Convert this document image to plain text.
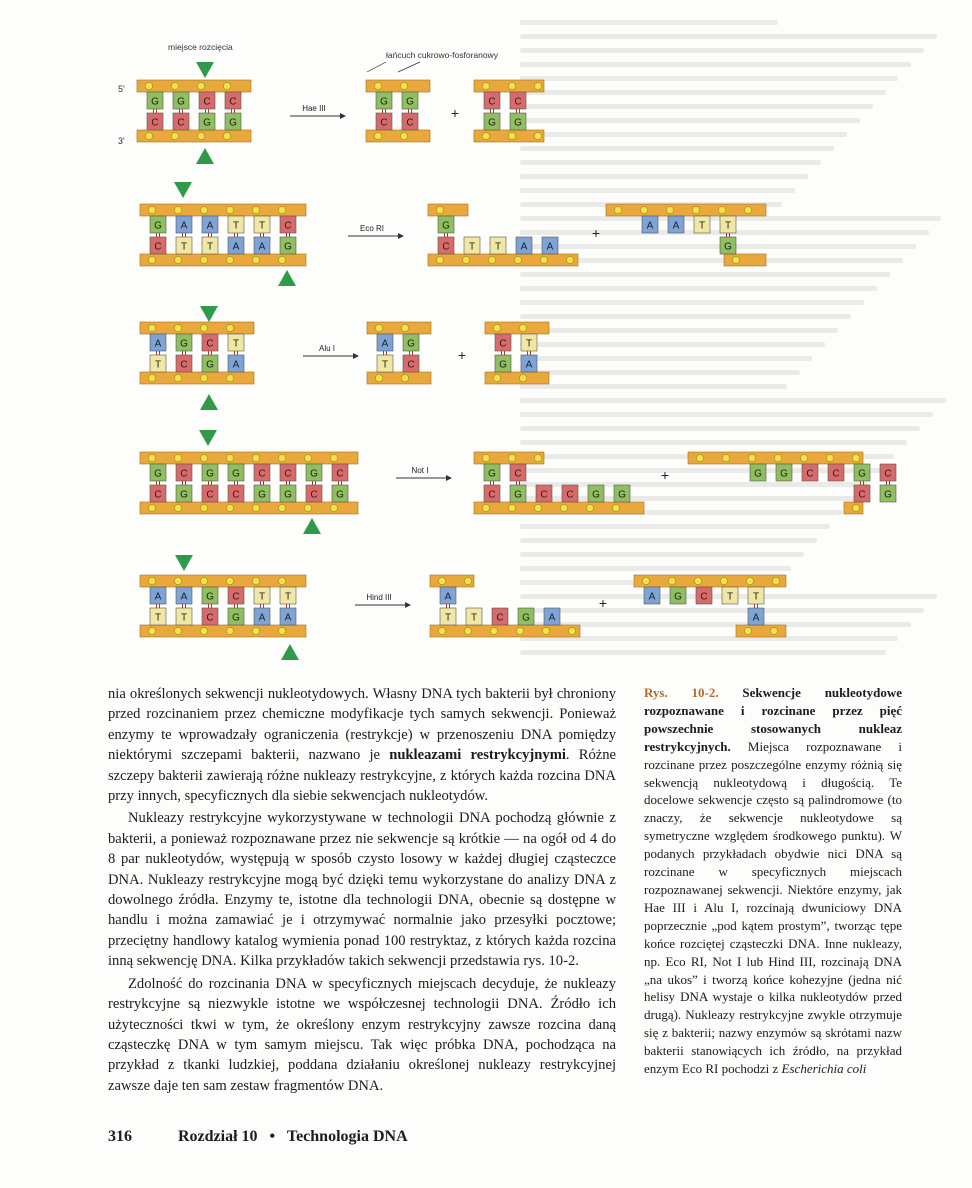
G
C
G
C
C
G
C
G
Hae III
G
C
G
C
+
C
G
C
G
G
C
A
T
A
T
T
A
T
A
C
G
Eco RI	G
C T T A A
+	A A T T
G
A
T
G
C
C
G
T
A
Alu I	A
T
G
C
+
C
G
T
A
G
C
C
G
G
C
G
C
C
G
C
G
G
C
C
G
Not I	G
C
C
G C C G G
+	G G C C G
C
C
G
A
T
A
T
G
C
C
G
T
A
T
A
Hind III	A
T T C G A
+	A G C T T
A
miejsce rozcięcia
łańcuch cukrowo-fosforanowy
5'
3'

nia określonych sekwencji nukleotydowych. Własny DNA tych bakterii był chroniony przed rozcinaniem przez chemiczne modyfikacje tych samych sekwencji. Ponieważ enzymy te wprowadzały ograniczenia (restrykcje) w przenoszeniu DNA pomiędzy niektórymi szczepami bakterii, nazwano je nukleazami restrykcyjnymi. Różne szczepy bakterii zawierają różne nukleazy restrykcyjne, z których każda rozcina DNA przy innych, specyficznych dla siebie sekwencjach nukleotydów.

Nukleazy restrykcyjne wykorzystywane w technologii DNA pochodzą głównie z bakterii, a ponieważ rozpoznawane przez nie sekwencje są krótkie — na ogół od 4 do 8 par nukleotydów, występują w sposób czysto losowy w każdej długiej cząsteczce DNA. Nukleazy restrykcyjne mogą być dzięki temu wykorzystane do analizy DNA z dowolnego źródła. Enzymy te, istotne dla technologii DNA, obecnie są dostępne w handlu i można zamawiać je i otrzymywać normalnie jako przesyłki pocztowe; przeciętny handlowy katalog wymienia ponad 100 restryktaz, z których każda rozcina inną sekwencję DNA. Kilka przykładów takich sekwencji przedstawia rys. 10-2.

Zdolność do rozcinania DNA w specyficznych miejscach decyduje, że nukleazy restrykcyjne są niezwykle istotne we współczesnej technologii DNA. Źródło ich użyteczności tkwi w tym, że określony enzym restrykcyjny zawsze rozcina daną cząsteczkę DNA w tym samym miejscu. Tak więc próbka DNA, pochodząca na przykład z tkanki ludzkiej, poddana działaniu określonej nukleazy restrykcyjnej zawsze daje ten sam zestaw fragmentów DNA.

Rys. 10-2. Sekwencje nukleotydowe rozpoznawane i rozcinane przez pięć powszechnie stosowanych nukleaz restrykcyjnych. Miejsca rozpoznawane i rozcinane przez poszczególne enzymy różnią się sekwencją nukleotydową i długością. Te docelowe sekwencje często są palindromowe (to znaczy, że sekwencje nukleotydowe są symetryczne względem środkowego punktu). W podanych przykładach obydwie nici DNA są rozcinane w specyficznych miejscach rozpoznawanej sekwencji. Niektóre enzymy, jak Hae III i Alu I, rozcinają dwuniciowy DNA poprzecznie „pod kątem prostym”, tworząc tępe końce rozciętej cząsteczki DNA. Inne nukleazy, np. Eco RI, Not I lub Hind III, rozcinają DNA „na ukos” i tworzą końce kohezyjne (jedna nić helisy DNA wystaje o kilka nukleotydów przed drugą). Nukleazy restrykcyjne zwykle otrzymuje się z bakterii; nazwy enzymów są skrótami nazw bakterii stanowiących ich źródło, na przykład enzym Eco RI pochodzi z Escherichia coli
316	Rozdział 10 • Technologia DNA
